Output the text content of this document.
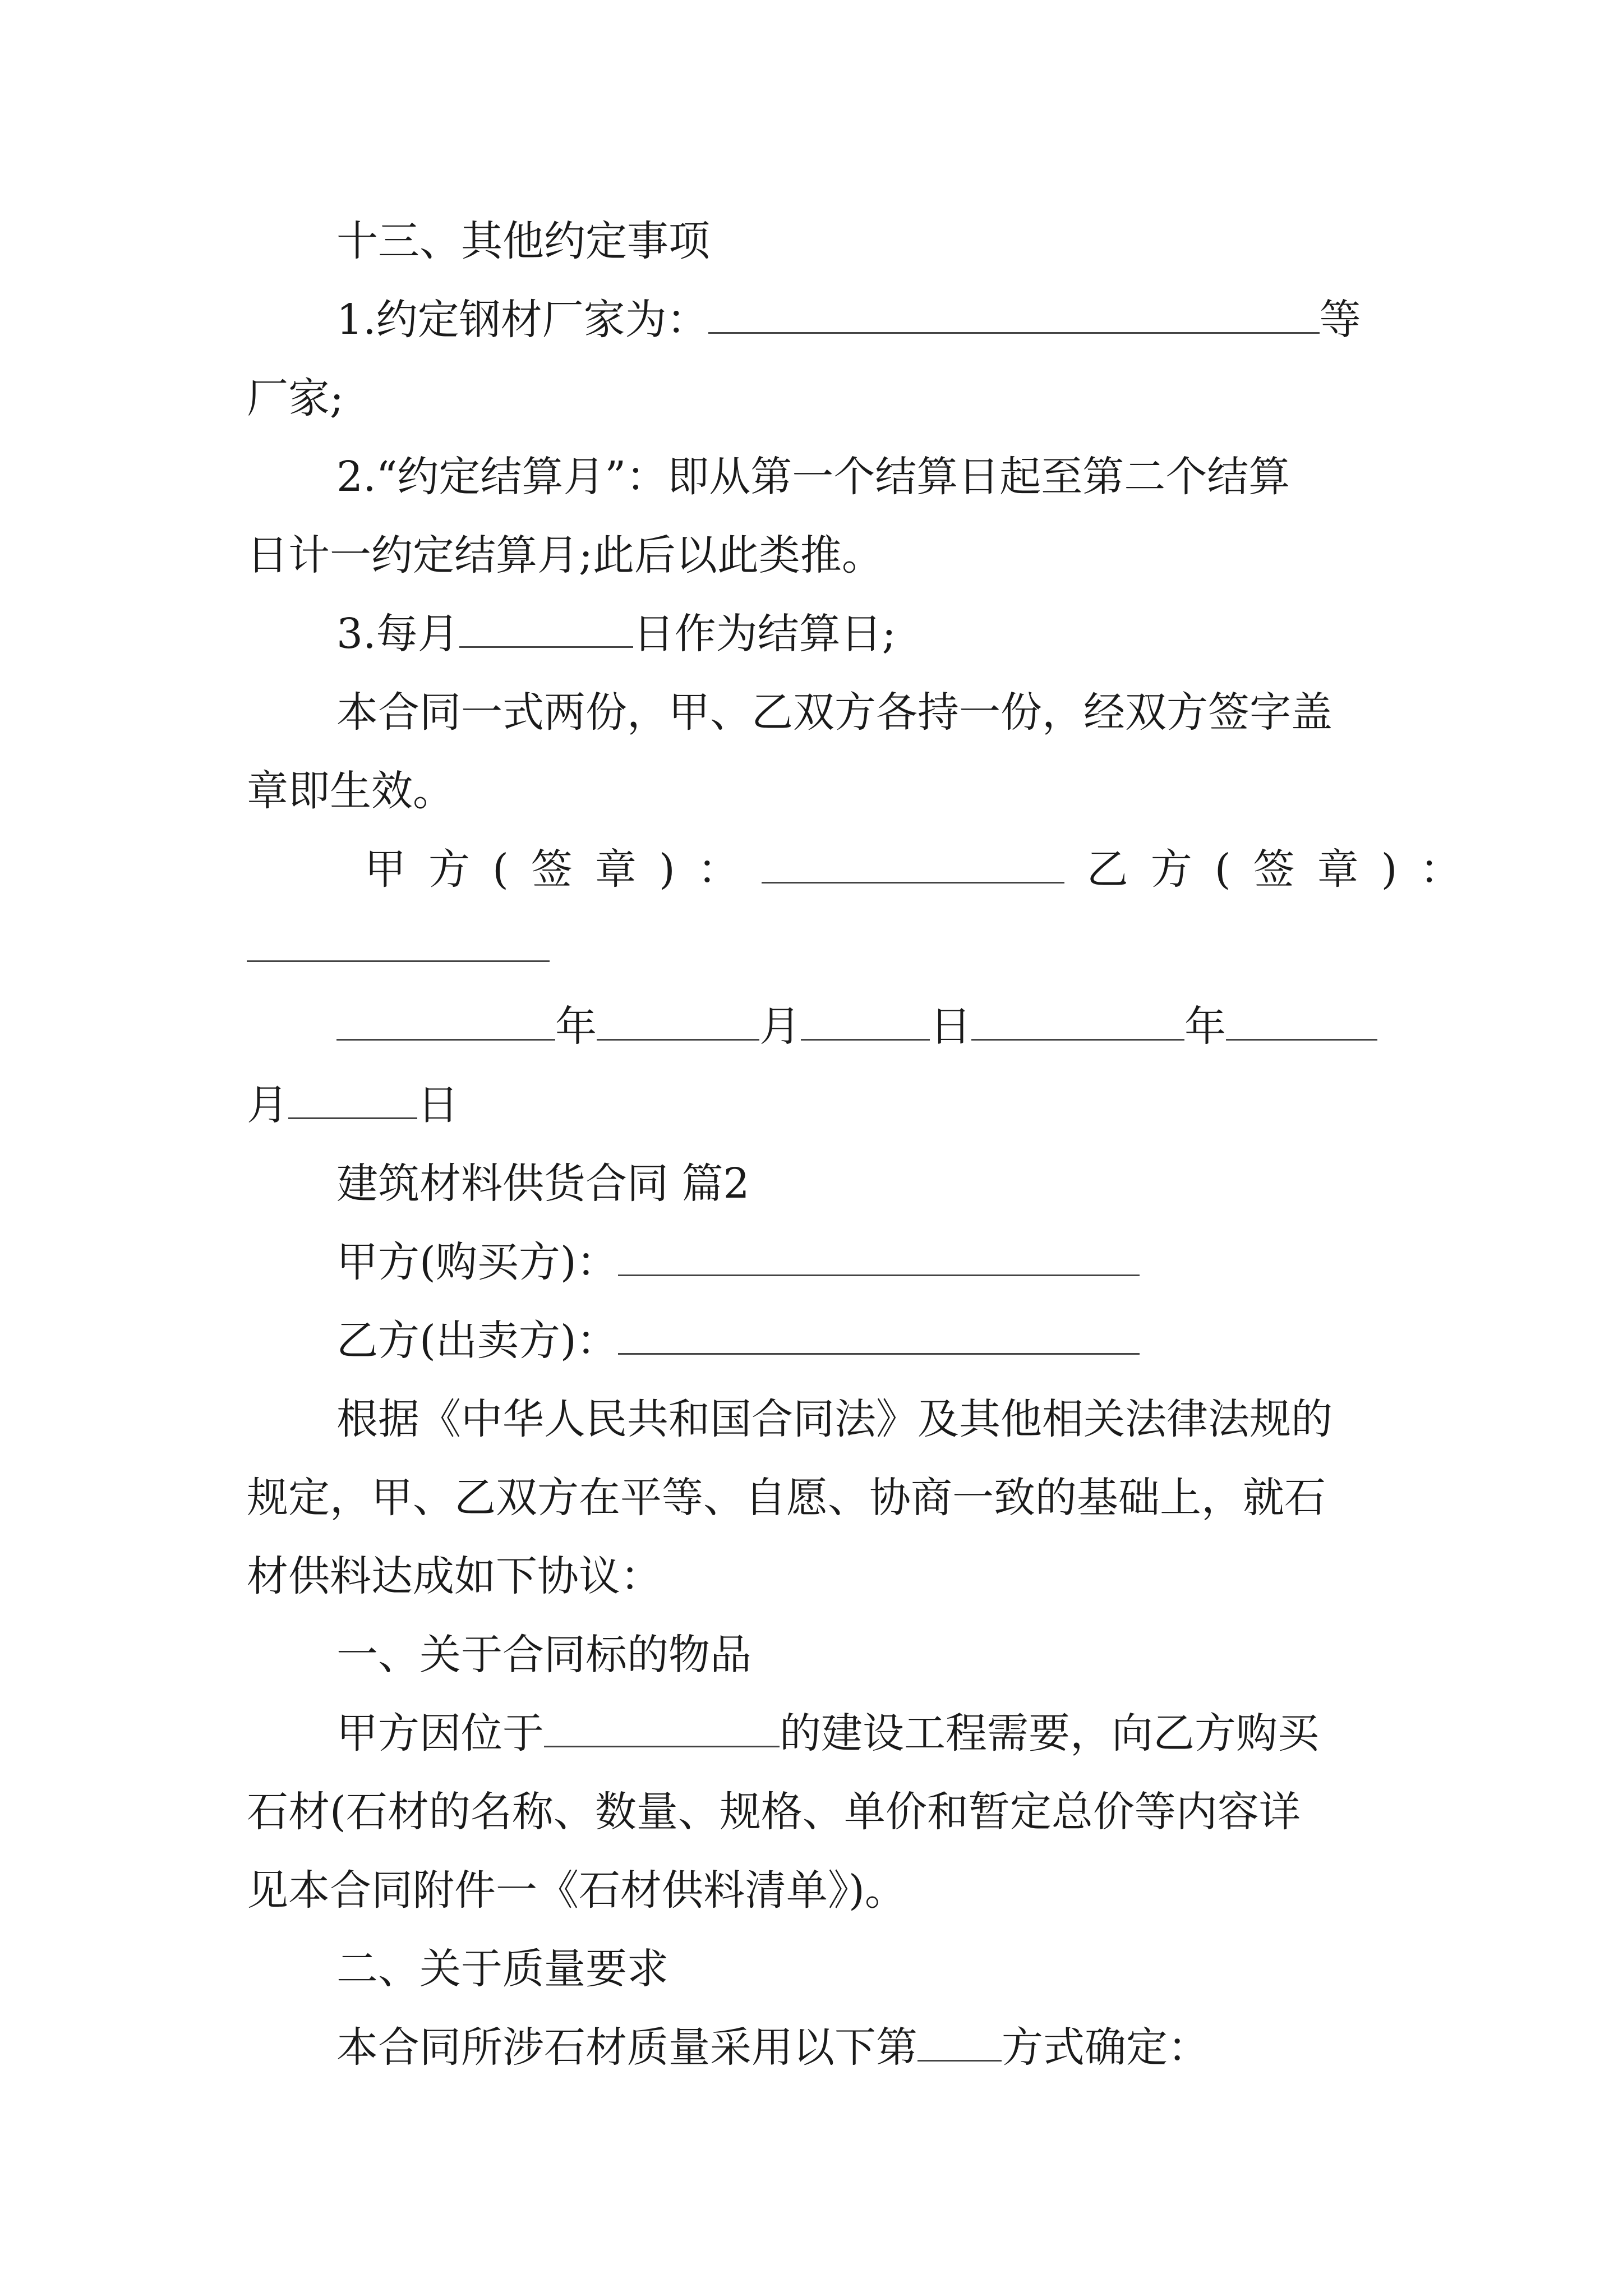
十三、其他约定事项
1.约定钢材厂家为：	等
厂家;
2.“约定结算月”：即从第一个结算日起至第二个结算
日计一约定结算月;此后以此类推。
3.每月	日作为结算日;
本合同一式两份，甲、乙双方各持一份，经双方签字盖
章即生效。
甲方(签章)：	乙方(签章)：
年	月	日	年
月	日
建筑材料供货合同 篇2
甲方(购买方)：
乙方(出卖方)：
根据《中华人民共和国合同法》及其他相关法律法规的
规定，甲、乙双方在平等、自愿、协商一致的基础上，就石
材供料达成如下协议：
一、关于合同标的物品
甲方因位于	的建设工程需要，向乙方购买
石材(石材的名称、数量、规格、单价和暂定总价等内容详
见本合同附件一《石材供料清单》)。
二、关于质量要求
本合同所涉石材质量采用以下第 方式确定：
